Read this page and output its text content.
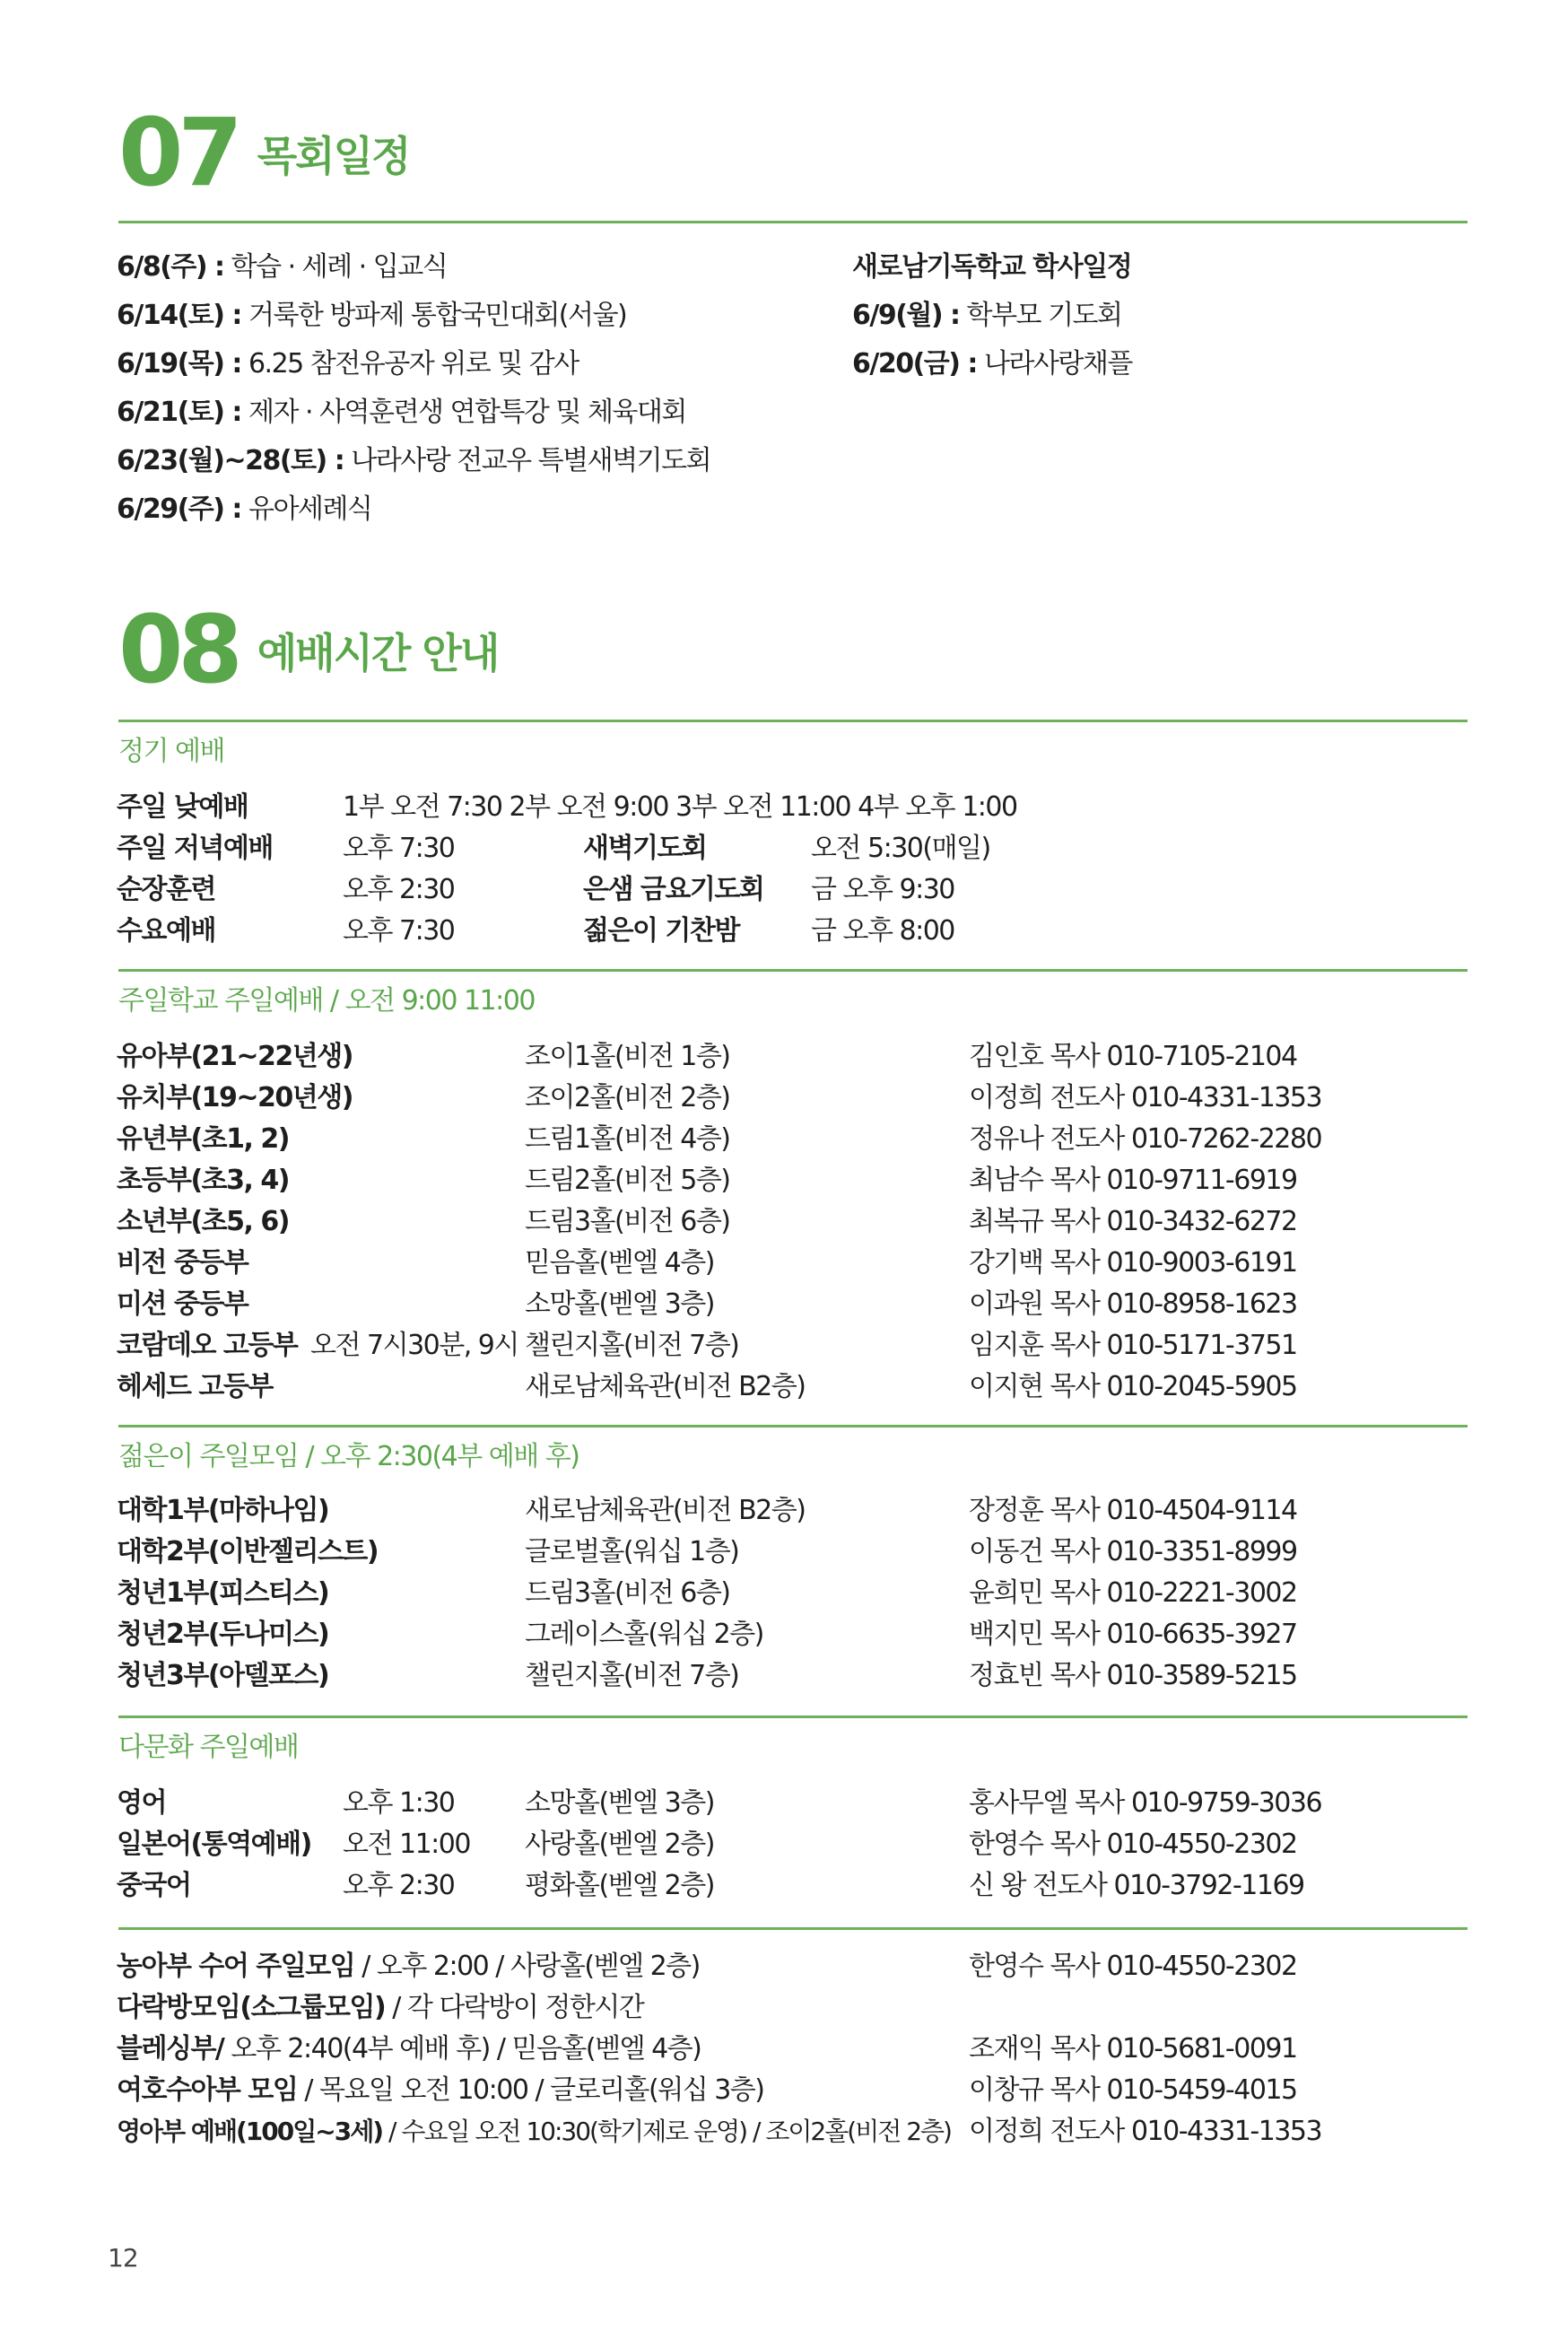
07 목회일정
6/8(주) : 학습 · 세례 · 입교식
6/14(토) : 거룩한 방파제 통합국민대회(서울)
6/19(목) : 6.25 참전유공자 위로 및 감사
6/21(토) : 제자 · 사역훈련생 연합특강 및 체육대회
6/23(월)~28(토) : 나라사랑 전교우 특별새벽기도회
6/29(주) : 유아세례식
새로남기독학교 학사일정
6/9(월) : 학부모 기도회
6/20(금) : 나라사랑채플
08 예배시간 안내
정기 예배
주일 낮예배	1부 오전 7:30 2부 오전 9:00 3부 오전 11:00 4부 오후 1:00
주일 저녁예배	오후 7:30	새벽기도회	오전 5:30(매일)
순장훈련	오후 2:30	은샘 금요기도회 금 오후 9:30
수요예배	오후 7:30	젊은이 기찬밤	금 오후 8:00
주일학교 주일예배 / 오전 9:00 11:00
유아부(21~22년생)	조이1홀(비전 1층)	김인호 목사 010-7105-2104
유치부(19~20년생)	조이2홀(비전 2층)	이정희 전도사 010-4331-1353
유년부(초1, 2)	드림1홀(비전 4층)	정유나 전도사 010-7262-2280
초등부(초3, 4)	드림2홀(비전 5층)	최남수 목사 010-9711-6919
소년부(초5, 6)	드림3홀(비전 6층)	최복규 목사 010-3432-6272
비전 중등부	믿음홀(벧엘 4층)	강기백 목사 010-9003-6191
미션 중등부	소망홀(벧엘 3층)	이과원 목사 010-8958-1623
코람데오 고등부 오전 7시30분, 9시 챌린지홀(비전 7층)	임지훈 목사 010-5171-3751
헤세드 고등부	새로남체육관(비전 B2층)	이지현 목사 010-2045-5905
젊은이 주일모임 / 오후 2:30(4부 예배 후)
대학1부(마하나임)	새로남체육관(비전 B2층)	장정훈 목사 010-4504-9114
대학2부(이반젤리스트)	글로벌홀(워십 1층)	이동건 목사 010-3351-8999
청년1부(피스티스)	드림3홀(비전 6층)	윤희민 목사 010-2221-3002
청년2부(두나미스)	그레이스홀(워십 2층)	백지민 목사 010-6635-3927
청년3부(아델포스)	챌린지홀(비전 7층)	정효빈 목사 010-3589-5215
다문화 주일예배
영어	오후 1:30	소망홀(벧엘 3층)	홍사무엘 목사 010-9759-3036
일본어(통역예배) 오전 11:00 사랑홀(벧엘 2층)	한영수 목사 010-4550-2302
중국어	오후 2:30	평화홀(벧엘 2층)	신 왕 전도사 010-3792-1169
농아부 수어 주일모임 / 오후 2:00 / 사랑홀(벧엘 2층)	한영수 목사 010-4550-2302
다락방모임(소그룹모임) / 각 다락방이 정한시간
블레싱부/ 오후 2:40(4부 예배 후) / 믿음홀(벧엘 4층)	조재익 목사 010-5681-0091
여호수아부 모임 / 목요일 오전 10:00 / 글로리홀(워십 3층)	이창규 목사 010-5459-4015
영아부 예배(100일~3세) / 수요일 오전 10:30(학기제로 운영) / 조이2홀(비전 2층) 이정희 전도사 010-4331-1353
12
